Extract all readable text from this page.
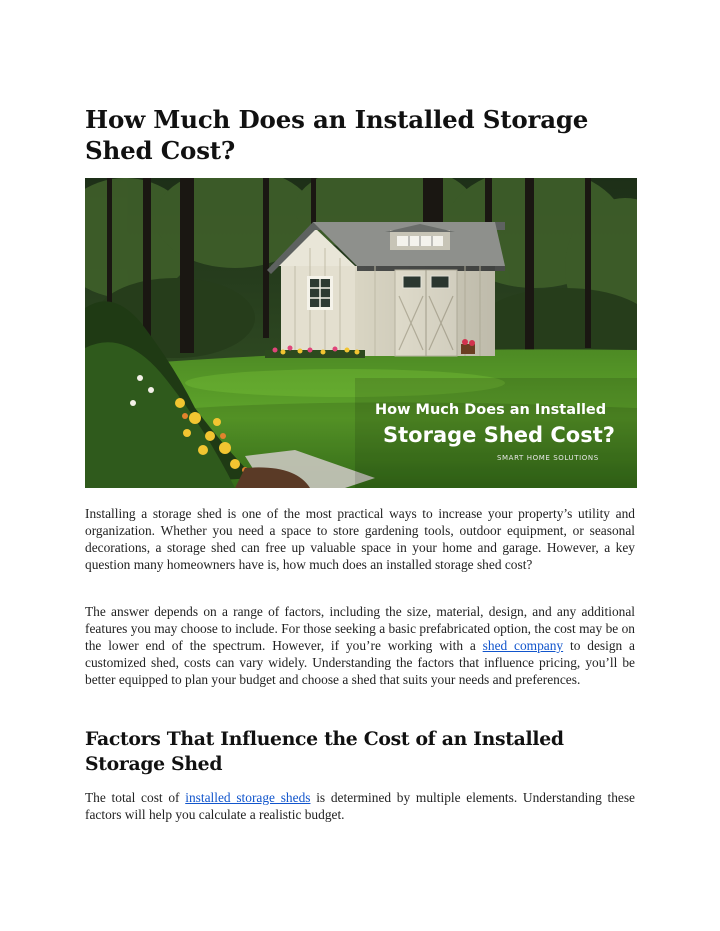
How Much Does an Installed Storage Shed Cost?
How Much Does an Installed
Storage Shed Cost?
SMART HOME SOLUTIONS

Installing a storage shed is one of the most practical ways to increase your property’s utility and organization. Whether you need a space to store gardening tools, outdoor equipment, or seasonal decorations, a storage shed can free up valuable space in your home and garage. However, a key question many homeowners have is, how much does an installed storage shed cost?

The answer depends on a range of factors, including the size, material, design, and any additional features you may choose to include. For those seeking a basic prefabricated option, the cost may be on the lower end of the spectrum. However, if you’re working with a shed company to design a customized shed, costs can vary widely. Understanding the factors that influence pricing, you’ll be better equipped to plan your budget and choose a shed that suits your needs and preferences.

Factors That Influence the Cost of an Installed Storage Shed

The total cost of installed storage sheds is determined by multiple elements. Understanding these factors will help you calculate a realistic budget.
